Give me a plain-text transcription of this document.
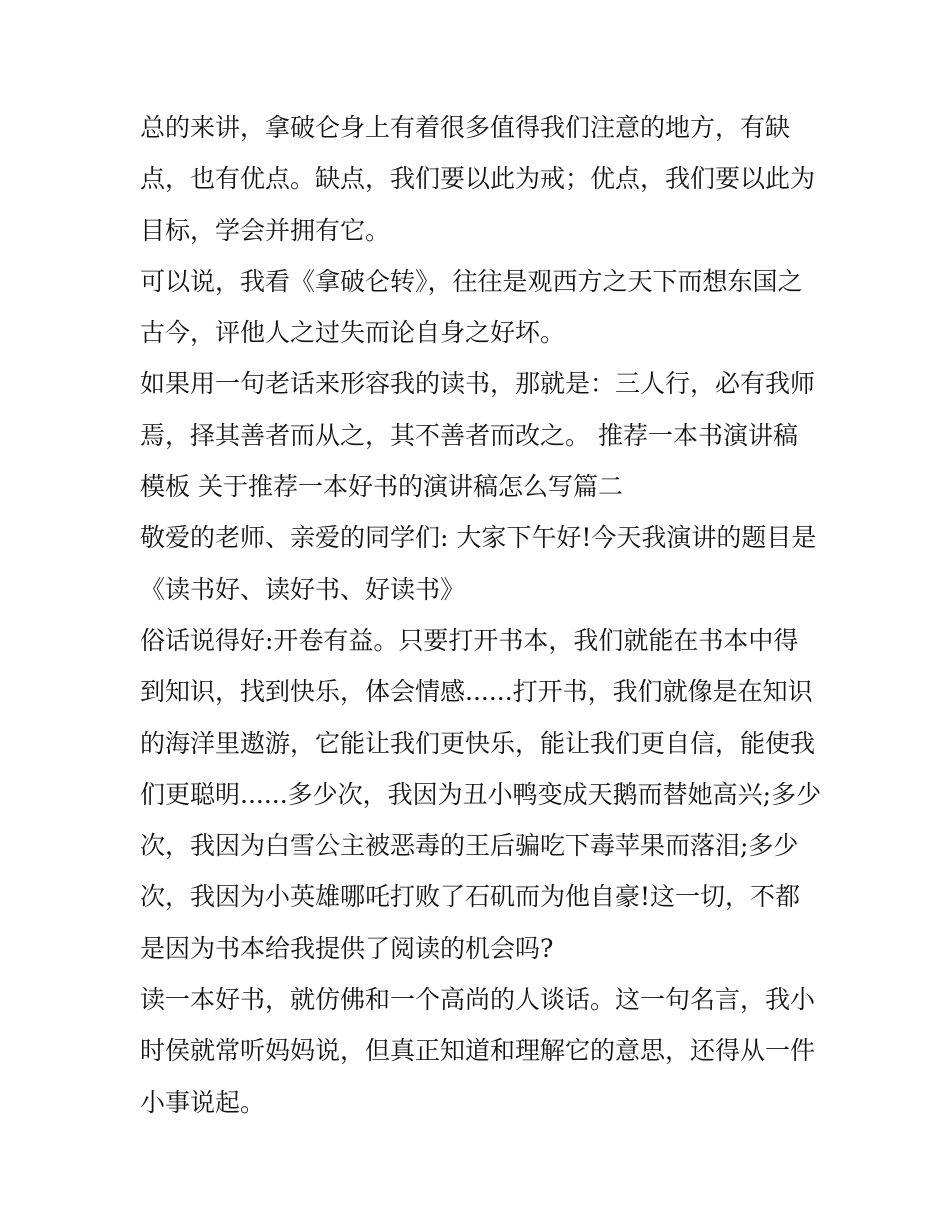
总的来讲，拿破仑身上有着很多值得我们注意的地方，有缺
点，也有优点。缺点，我们要以此为戒；优点，我们要以此为
目标，学会并拥有它。
可以说，我看《拿破仑转》，往往是观西方之天下而想东国之
古今，评他人之过失而论自身之好坏。
如果用一句老话来形容我的读书，那就是：三人行，必有我师
焉，择其善者而从之，其不善者而改之。 推荐一本书演讲稿
模板 关于推荐一本好书的演讲稿怎么写篇二
敬爱的老师、亲爱的同学们: 大家下午好!今天我演讲的题目是
《读书好、读好书、好读书》
俗话说得好:开卷有益。只要打开书本，我们就能在书本中得
到知识，找到快乐，体会情感......打开书，我们就像是在知识
的海洋里遨游，它能让我们更快乐，能让我们更自信，能使我
们更聪明......多少次，我因为丑小鸭变成天鹅而替她高兴;多少
次，我因为白雪公主被恶毒的王后骗吃下毒苹果而落泪;多少
次，我因为小英雄哪吒打败了石矶而为他自豪!这一切，不都
是因为书本给我提供了阅读的机会吗?
读一本好书，就仿佛和一个高尚的人谈话。这一句名言，我小
时侯就常听妈妈说，但真正知道和理解它的意思，还得从一件
小事说起。
